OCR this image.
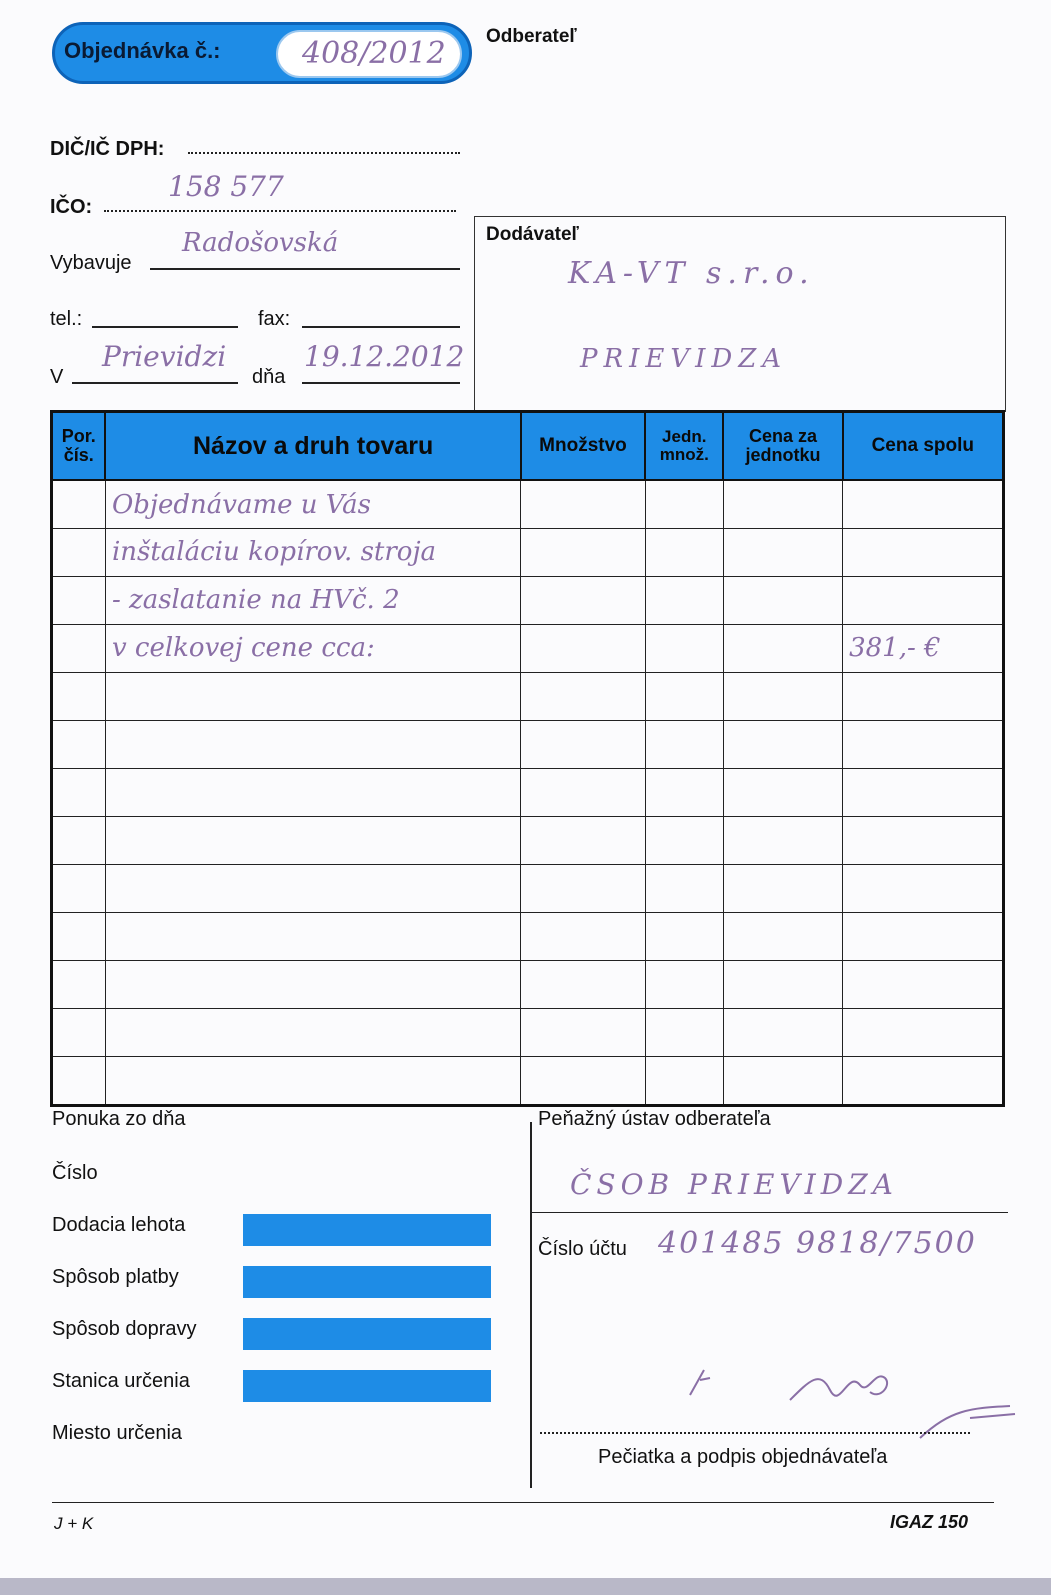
Objednávka č.:	408/2012 Odberateľ
DIČ/IČ DPH:
IČO:
158 577
Vybavuje
Radošovská
tel.:	fax:
V
Prievidzi
dňa
19.12.2012
Dodávateľ
KA-VT s.r.o.
PRIEVIDZA
Por. čís.	Názov a druh tovaru	Množstvo	Jedn. množ.	Cena za jednotku	Cena spolu
	Objednávame u Vás				
	inštaláciu kopírov. stroja				
	- zaslatanie na HVč. 2				
	v celkovej cene cca:				381,- €

Ponuka zo dňa
Číslo
Dodacia lehota
Spôsob platby
Spôsob dopravy
Stanica určenia
Miesto určenia
Peňažný ústav odberateľa
ČSOB PRIEVIDZA
Číslo účtu 401485 9818/7500
Pečiatka a podpis objednávateľa
J + K	IGAZ 150
